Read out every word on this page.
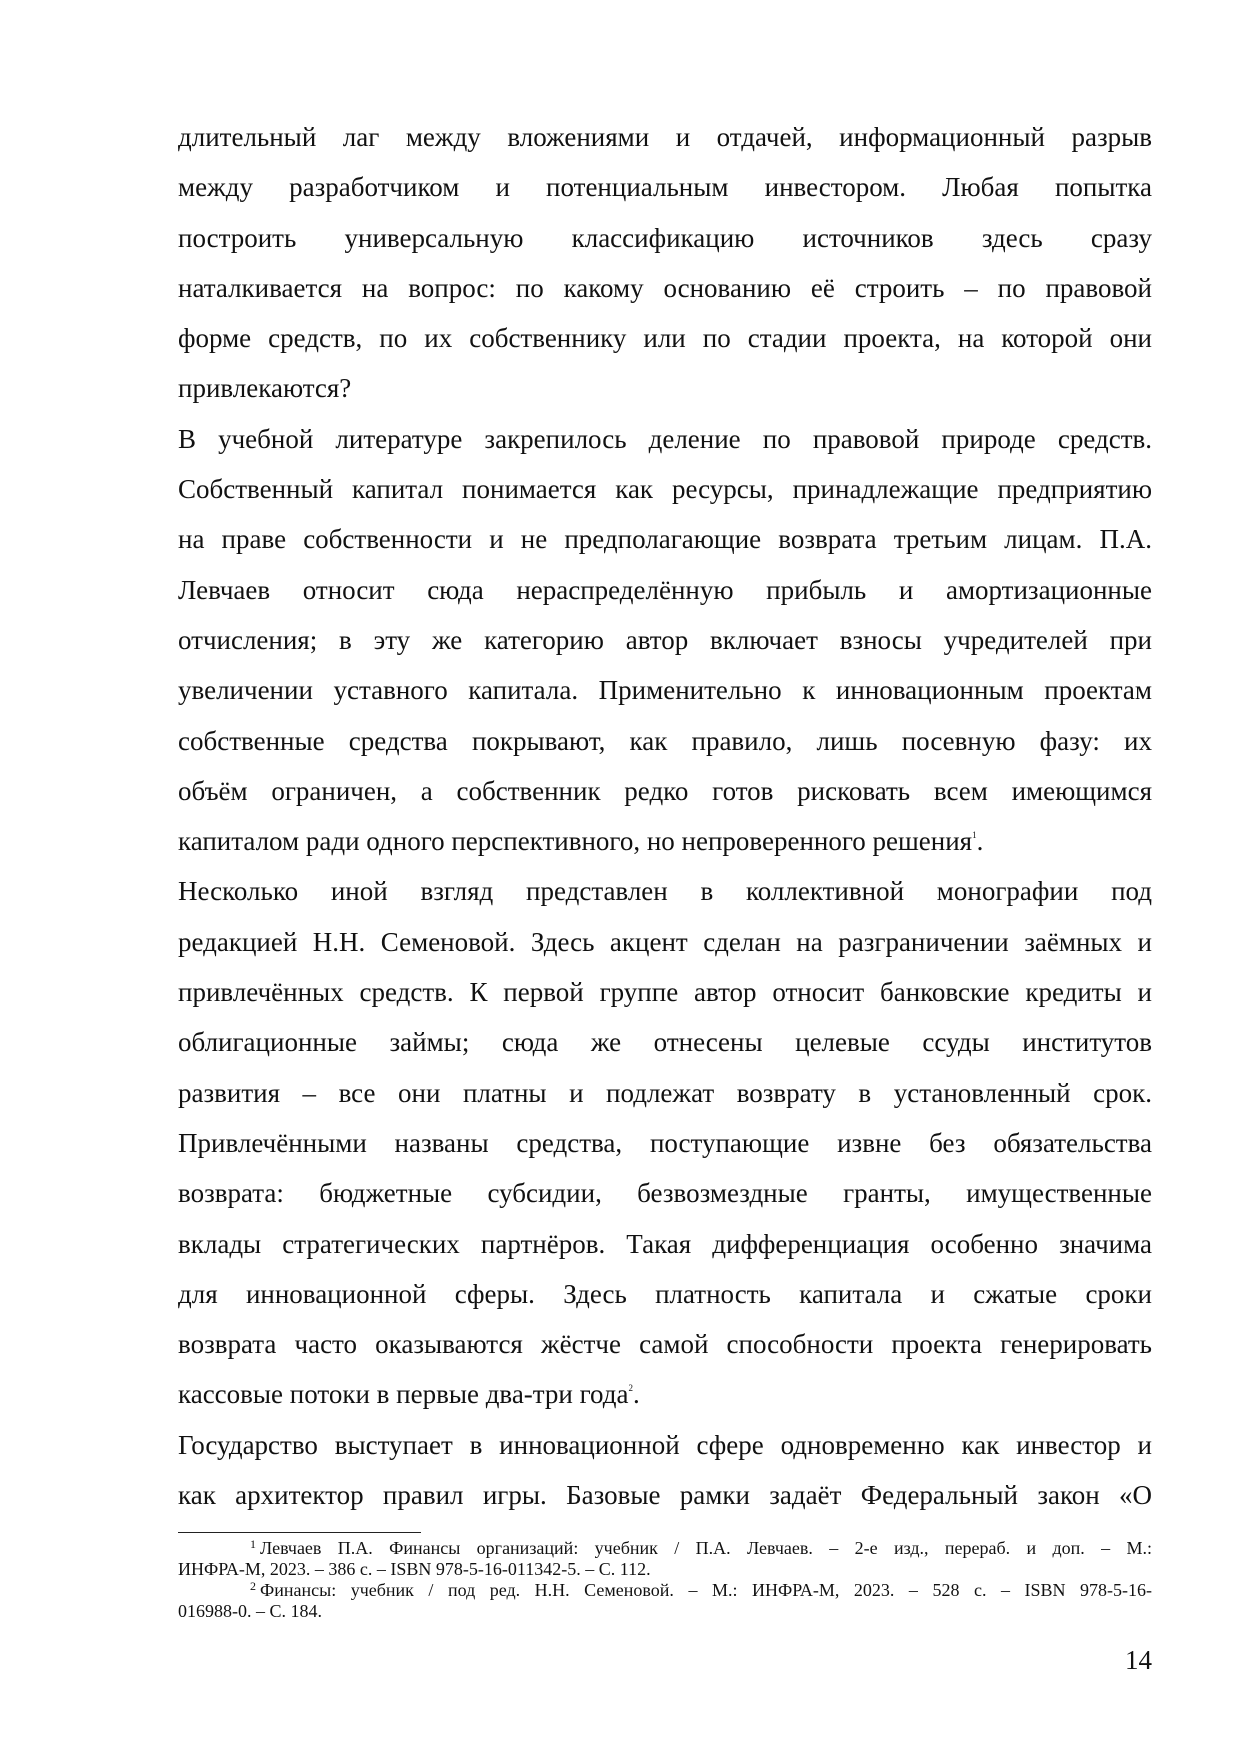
длительный лаг между вложениями и отдачей, информационный разрыв
между разработчиком и потенциальным инвестором. Любая попытка
построить универсальную классификацию источников здесь сразу
наталкивается на вопрос: по какому основанию её строить – по правовой
форме средств, по их собственнику или по стадии проекта, на которой они
привлекаются?

В учебной литературе закрепилось деление по правовой природе средств.
Собственный капитал понимается как ресурсы, принадлежащие предприятию
на праве собственности и не предполагающие возврата третьим лицам. П.А.
Левчаев относит сюда нераспределённую прибыль и амортизационные
отчисления; в эту же категорию автор включает взносы учредителей при
увеличении уставного капитала. Применительно к инновационным проектам
собственные средства покрывают, как правило, лишь посевную фазу: их
объём ограничен, а собственник редко готов рисковать всем имеющимся
капиталом ради одного перспективного, но непроверенного решения$^1$.

Несколько иной взгляд представлен в коллективной монографии под
редакцией Н.Н. Семеновой. Здесь акцент сделан на разграничении заёмных и
привлечённых средств. К первой группе автор относит банковские кредиты и
облигационные займы; сюда же отнесены целевые ссуды институтов
развития – все они платны и подлежат возврату в установленный срок.
Привлечёнными названы средства, поступающие извне без обязательства
возврата: бюджетные субсидии, безвозмездные гранты, имущественные
вклады стратегических партнёров. Такая дифференциация особенно значима
для инновационной сферы. Здесь платность капитала и сжатые сроки
возврата часто оказываются жёстче самой способности проекта генерировать
кассовые потоки в первые два-три года$^2$.

Государство выступает в инновационной сфере одновременно как инвестор и
как архитектор правил игры. Базовые рамки задаёт Федеральный закон «О

$^1$ Левчаев П.А. Финансы организаций: учебник / П.А. Левчаев. – 2-е изд., перераб. и доп. – М.:
ИНФРА-М, 2023. – 386 с. – ISBN 978-5-16-011342-5. – С. 112.

$^2$ Финансы: учебник / под ред. Н.Н. Семеновой. – М.: ИНФРА-М, 2023. – 528 с. – ISBN 978-5-16-
016988-0. – С. 184.

14
